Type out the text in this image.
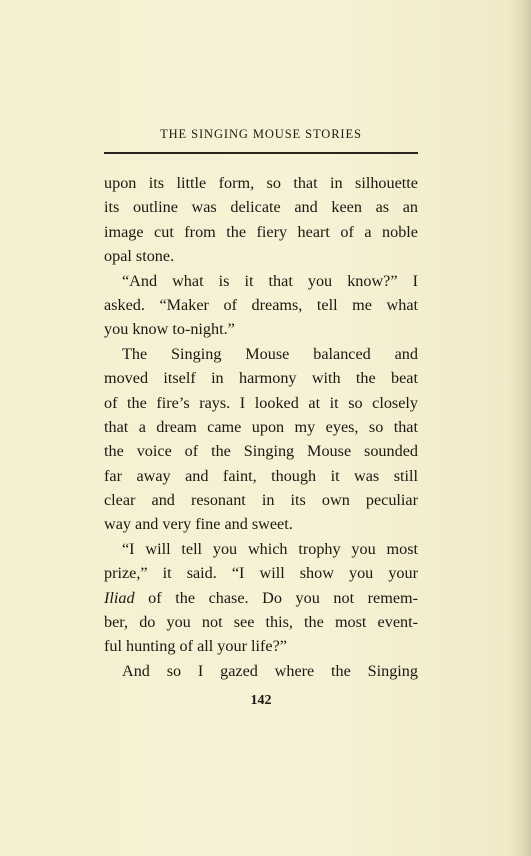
THE SINGING MOUSE STORIES
upon its little form, so that in silhouette
its outline was delicate and keen as an
image cut from the fiery heart of a noble
opal stone.
“And what is it that you know?” I
asked. “Maker of dreams, tell me what
you know to-night.”
The Singing Mouse balanced and
moved itself in harmony with the beat
of the fire’s rays. I looked at it so closely
that a dream came upon my eyes, so that
the voice of the Singing Mouse sounded
far away and faint, though it was still
clear and resonant in its own peculiar
way and very fine and sweet.
“I will tell you which trophy you most
prize,” it said. “I will show you your
Iliad of the chase. Do you not remem-
ber, do you not see this, the most event-
ful hunting of all your life?”
And so I gazed where the Singing
142
